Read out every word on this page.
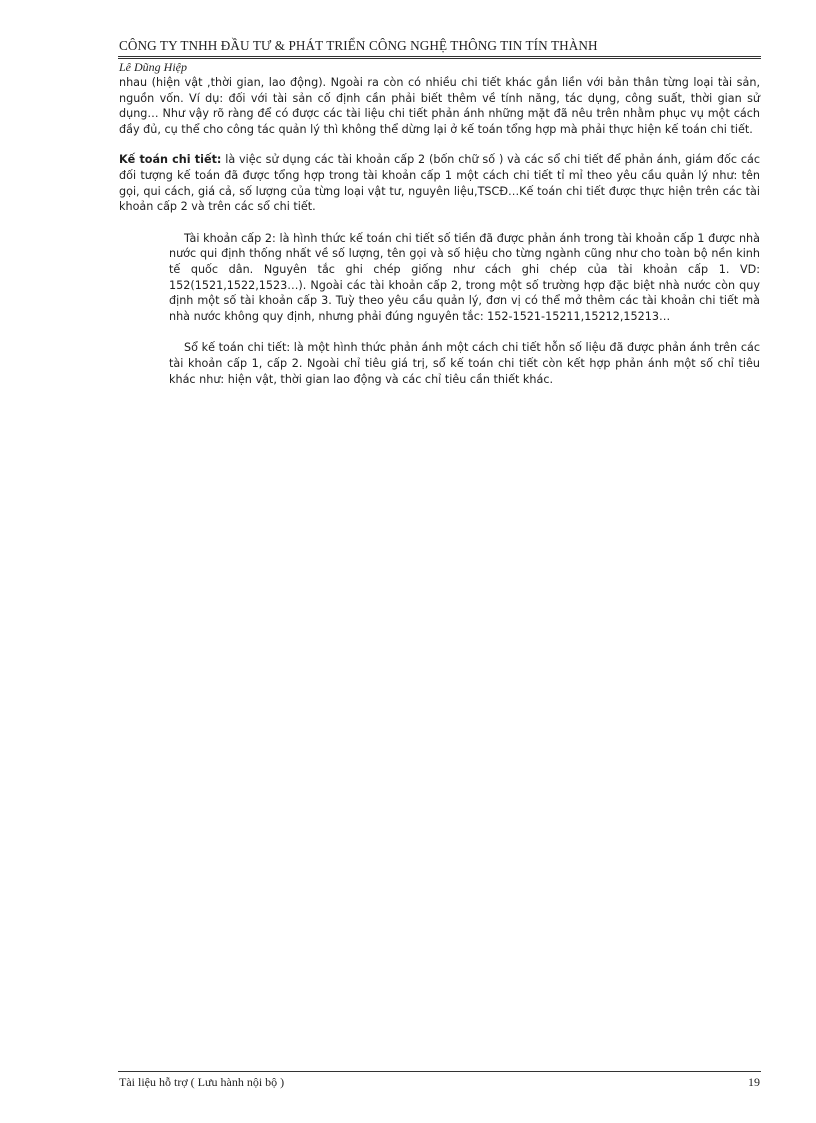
CÔNG TY TNHH ĐẦU TƯ & PHÁT TRIỂN CÔNG NGHỆ THÔNG TIN TÍN THÀNH
Lê Dũng Hiệp

nhau (hiện vật ,thời gian, lao động). Ngoài ra còn có nhiều chi tiết khác gắn liền với bản thân từng loại tài sản, nguồn vốn. Ví dụ: đối với tài sản cố định cần phải biết thêm về tính năng, tác dụng, công suất, thời gian sử dụng… Như vậy rõ ràng để có được các tài liệu chi tiết phản ánh những mặt đã nêu trên nhằm phục vụ một cách đầy đủ, cụ thể cho công tác quản lý thì không thể dừng lại ở kế toán tổng hợp mà phải thực hiện kế toán chi tiết.

Kế toán chi tiết: là việc sử dụng các tài khoản cấp 2 (bốn chữ số ) và các sổ chi tiết để phản ánh, giám đốc các đối tượng kế toán đã được tổng hợp trong tài khoản cấp 1 một cách chi tiết tỉ mỉ theo yêu cầu quản lý như: tên gọi, qui cách, giá cả, số lượng của từng loại vật tư, nguyên liệu,TSCĐ…Kế toán chi tiết được thực hiện trên các tài khoản cấp 2 và trên các sổ chi tiết.

Tài khoản cấp 2: là hình thức kế toán chi tiết số tiền đã được phản ánh trong tài khoản cấp 1 được nhà nước qui định thống nhất về số lượng, tên gọi và số hiệu cho từng ngành cũng như cho toàn bộ nền kinh tế quốc dân. Nguyên tắc ghi chép giống như cách ghi chép của tài khoản cấp 1. VD: 152(1521,1522,1523…). Ngoài các tài khoản cấp 2, trong một số trường hợp đặc biệt nhà nước còn quy định một số tài khoản cấp 3. Tuỳ theo yêu cầu quản lý, đơn vị có thể mở thêm các tài khoản chi tiết mà nhà nước không quy định, nhưng phải đúng nguyên tắc: 152-1521-15211,15212,15213…

Sổ kế toán chi tiết: là một hình thức phản ánh một cách chi tiết hỗn số liệu đã được phản ánh trên các tài khoản cấp 1, cấp 2. Ngoài chỉ tiêu giá trị, sổ kế toán chi tiết còn kết hợp phản ánh một số chỉ tiêu khác như: hiện vật, thời gian lao động và các chỉ tiêu cần thiết khác.

Tài liệu hỗ trợ ( Lưu hành nội bộ )	19
